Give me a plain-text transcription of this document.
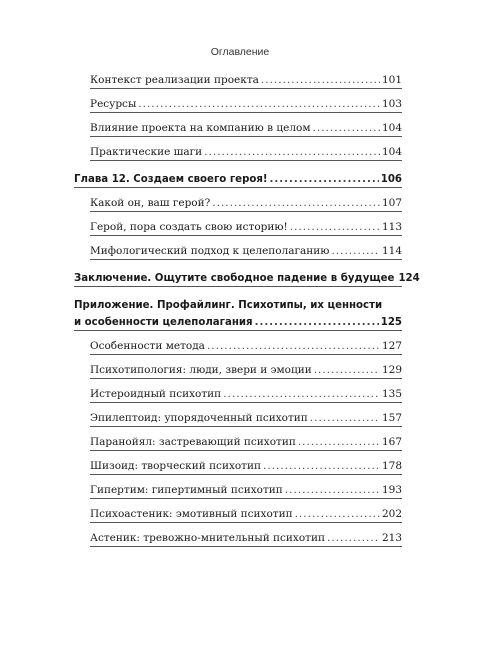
Оглавление
Контекст реализации проекта .....	101
Ресурсы .....	103
Влияние проекта на компанию в целом .....	104
Практические шаги .....	104
Глава 12. Создаем своего героя! .....	106
Какой он, ваш герой? .....	107
Герой, пора создать свою историю! .....	113
Мифологический подход к целеполаганию .....	114
Заключение. Ощутите свободное падение в будущее 124
Приложение. Профайлинг. Психотипы, их ценности
и особенности целеполагания .....	125
Особенности метода .....	127
Психотипология: люди, звери и эмоции .....	129
Истероидный психотип .....	135
Эпилептоид: упорядоченный психотип .....	157
Паранойял: застревающий психотип .....	167
Шизоид: творческий психотип .....	178
Гипертим: гипертимный психотип .....	193
Психоастеник: эмотивный психотип .....	202
Астеник: тревожно-мнительный психотип .....	213
